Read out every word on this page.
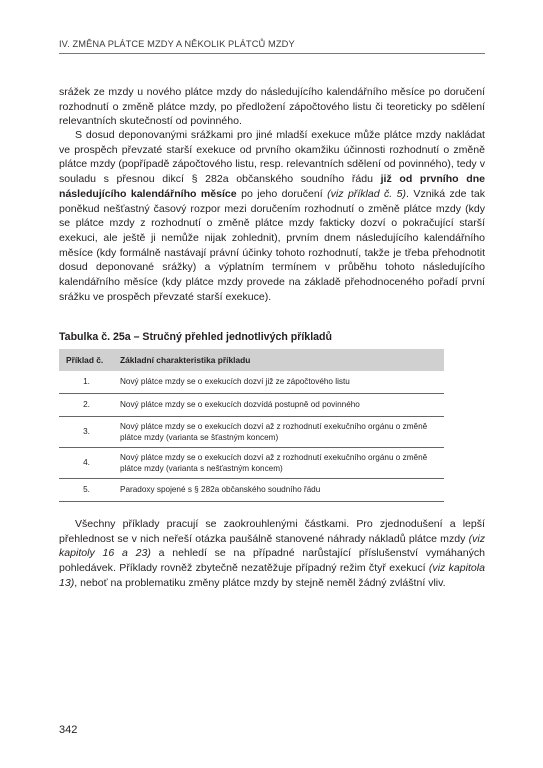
IV. ZMĚNA PLÁTCE MZDY A NĚKOLIK PLÁTCŮ MZDY

srážek ze mzdy u nového plátce mzdy do následujícího kalendářního měsíce po doručení rozhodnutí o změně plátce mzdy, po předložení zápočtového listu či teoreticky po sdělení relevantních skutečností od povinného.

S dosud deponovanými srážkami pro jiné mladší exekuce může plátce mzdy nakládat ve prospěch převzaté starší exekuce od prvního okamžiku účinnosti rozhodnutí o změně plátce mzdy (popřípadě zápočtového listu, resp. relevantních sdělení od povinného), tedy v souladu s přesnou dikcí § 282a občanského soudního řádu již od prvního dne následujícího kalendářního měsíce po jeho doručení (viz příklad č. 5). Vzniká zde tak poněkud nešťastný časový rozpor mezi doručením rozhodnutí o změně plátce mzdy (kdy se plátce mzdy z rozhodnutí o změně plátce mzdy fakticky dozví o pokračující starší exekuci, ale ještě ji nemůže nijak zohlednit), prvním dnem následujícího kalendářního měsíce (kdy formálně nastávají právní účinky tohoto rozhodnutí, takže je třeba přehodnotit dosud deponované srážky) a výplatním termínem v průběhu tohoto následujícího kalendářního měsíce (kdy plátce mzdy provede na základě přehodnoceného pořadí první srážku ve prospěch převzaté starší exekuce).

Tabulka č. 25a – Stručný přehled jednotlivých příkladů
Příklad č.	Základní charakteristika příkladu
1.	Nový plátce mzdy se o exekucích dozví již ze zápočtového listu
2.	Nový plátce mzdy se o exekucích dozvídá postupně od povinného
3.	Nový plátce mzdy se o exekucích dozví až z rozhodnutí exekučního orgánu o změně plátce mzdy (varianta se šťastným koncem)
4.	Nový plátce mzdy se o exekucích dozví až z rozhodnutí exekučního orgánu o změně plátce mzdy (varianta s nešťastným koncem)
5.	Paradoxy spojené s § 282a občanského soudního řádu

Všechny příklady pracují se zaokrouhlenými částkami. Pro zjednodušení a lepší přehlednost se v nich neřeší otázka paušálně stanovené náhrady nákladů plátce mzdy (viz kapitoly 16 a 23) a nehledí se na případné narůstající příslušenství vymáhaných pohledávek. Příklady rovněž zbytečně nezatěžuje případný režim čtyř exekucí (viz kapitola 13), neboť na problematiku změny plátce mzdy by stejně neměl žádný zvláštní vliv.

342
